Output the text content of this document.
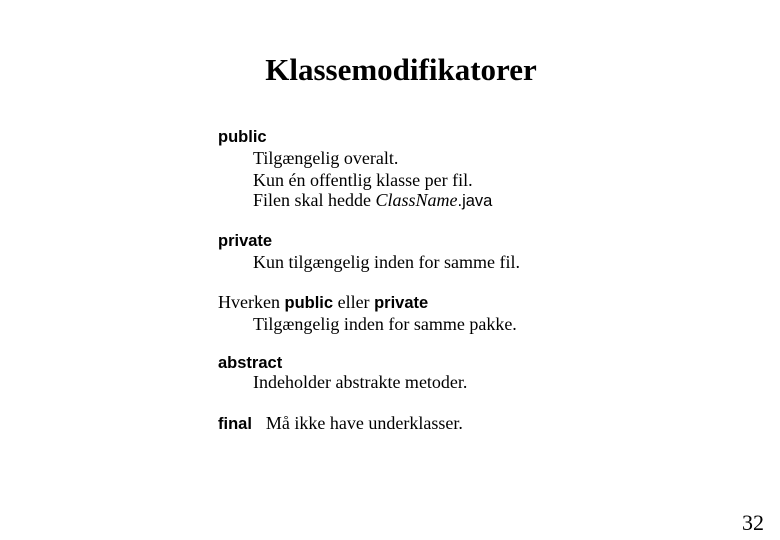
Klassemodifikatorer
public
Tilgængelig overalt.
Kun én offentlig klasse per fil.
Filen skal hedde ClassName.java
private
Kun tilgængelig inden for samme fil.
Hverken public eller private
Tilgængelig inden for samme pakke.
abstract
Indeholder abstrakte metoder.
final Må ikke have underklasser.
32
